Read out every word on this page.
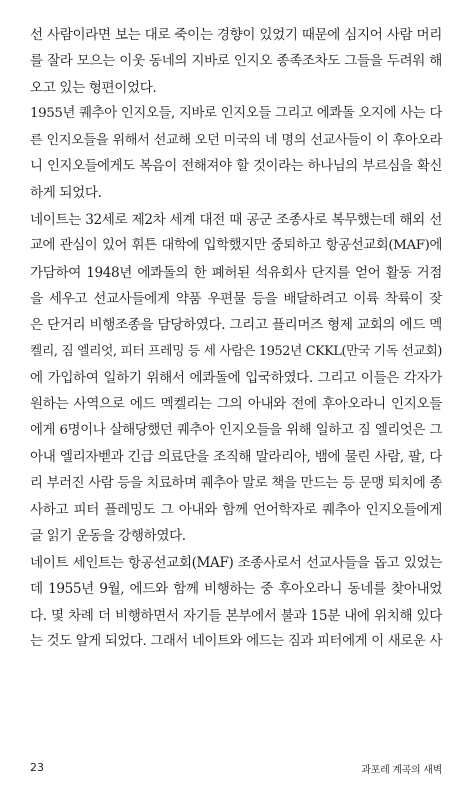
선 사람이라면 보는 대로 죽이는 경향이 있었기 때문에 심지어 사람 머리
를 잘라 모으는 이웃 동네의 지바로 인지오 종족조차도 그들을 두려워 해
오고 있는 형편이었다.
1955년 퀘추아 인지오들, 지바로 인지오들 그리고 에콰돌 오지에 사는 다
른 인지오들을 위해서 선교해 오던 미국의 네 명의 선교사들이 이 후아오라
니 인지오들에게도 복음이 전해져야 할 것이라는 하나님의 부르심을 확신
하게 되었다.
네이트는 32세로 제2차 세계 대전 때 공군 조종사로 복무했는데 해외 선
교에 관심이 있어 휘튼 대학에 입학했지만 중퇴하고 항공선교회(MAF)에
가담하여 1948년 에콰돌의 한 폐허된 석유회사 단지를 얻어 활동 거점
을 세우고 선교사들에게 약품 우편물 등을 배달하려고 이륙 착륙이 잦
은 단거리 비행조종을 담당하였다. 그리고 플리머즈 형제 교회의 에드 멕
켈리, 짐 엘리엇, 피터 프레밍 등 세 사람은 1952년 CKKL(만국 기독 선교회)
에 가입하여 일하기 위해서 에콰돌에 입국하였다. 그리고 이들은 각자가
원하는 사역으로 에드 멕켈리는 그의 아내와 전에 후아오라니 인지오들
에게 6명이나 살해당했던 퀘추아 인지오들을 위해 일하고 짐 엘리엇은 그
아내 엘리자벧과 긴급 의료단을 조직해 말라리아, 뱀에 물린 사람, 팔, 다
리 부러진 사람 등을 치료하며 퀘추아 말로 책을 만드는 등 문맹 퇴치에 종
사하고 피터 플레밍도 그 아내와 함께 언어학자로 퀘추아 인지오들에게
글 읽기 운동을 강행하였다.
네이트 세인트는 항공선교회(MAF) 조종사로서 선교사들을 돕고 있었는
데 1955년 9월, 에드와 함께 비행하는 중 후아오라니 동네를 찾아내었
다. 몇 차례 더 비행하면서 자기들 본부에서 불과 15분 내에 위치해 있다
는 것도 알게 되었다. 그래서 네이트와 에드는 짐과 피터에게 이 새로운 사
23	과포레 계곡의 새벽
